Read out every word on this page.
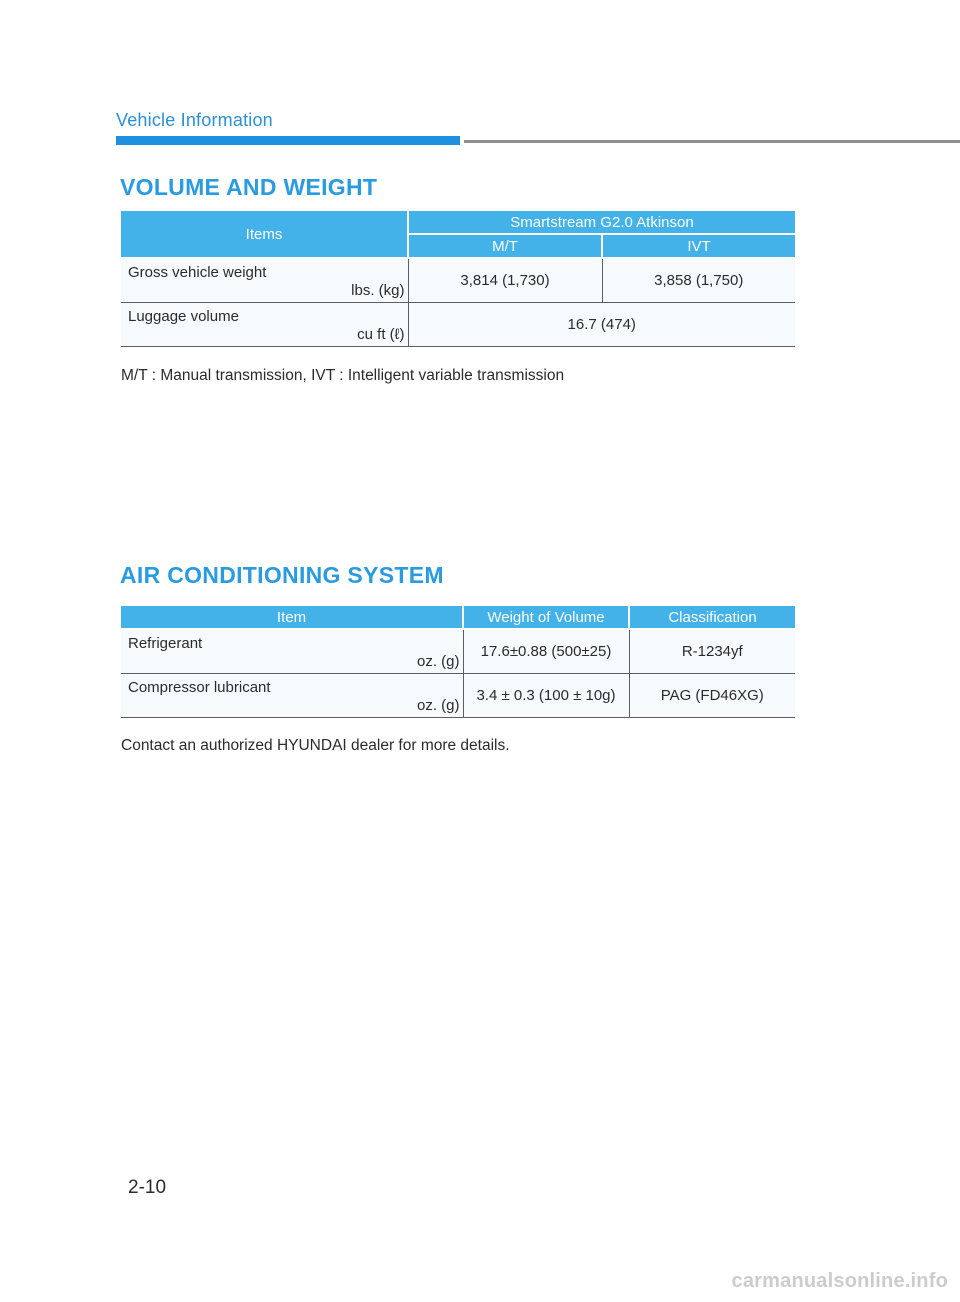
Vehicle Information
VOLUME AND WEIGHT
Items	Smartstream G2.0 Atkinson	
	M/T	IVT

Gross vehicle weight
lbs. (kg)	3,814 (1,730)	3,858 (1,750)

Luggage volume
cu ft (ℓ)	16.7 (474)	
M/T : Manual transmission, IVT : Intelligent variable transmission
AIR CONDITIONING SYSTEM
Item	Weight of Volume	Classification

Refrigerant
oz. (g)	17.6±0.88 (500±25)	R-1234yf

Compressor lubricant
oz. (g)	3.4 ± 0.3 (100 ± 10g)	PAG (FD46XG)
Contact an authorized HYUNDAI dealer for more details.
2-10
carmanualsonline.info
